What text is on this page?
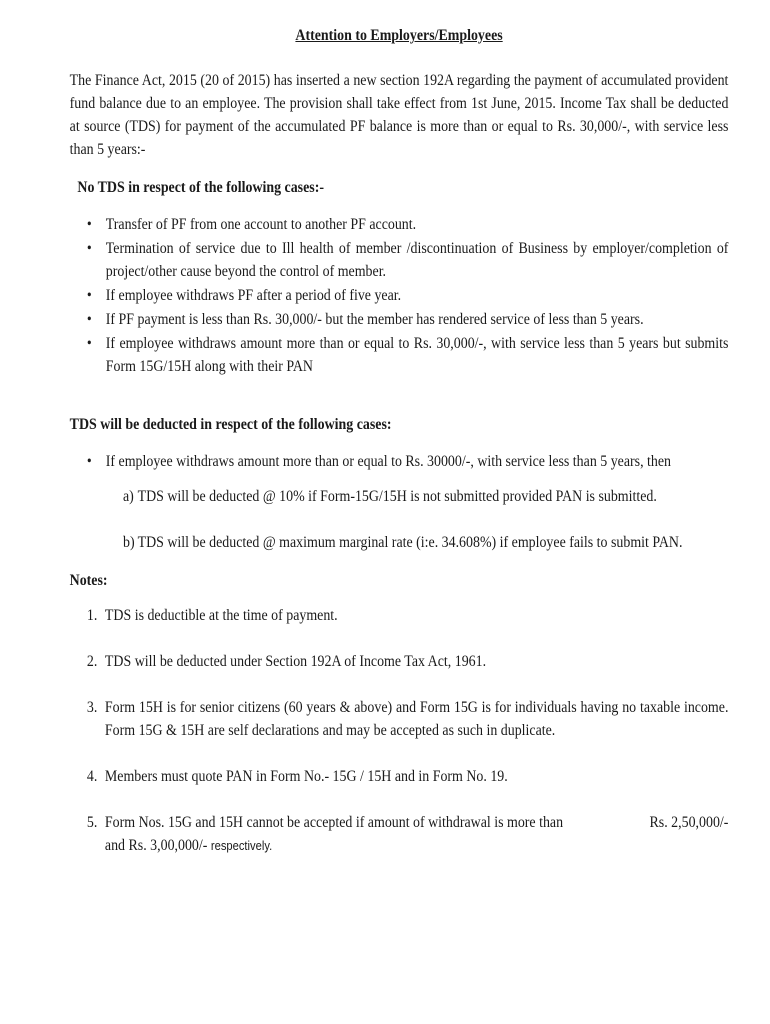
Attention to Employers/Employees

The Finance Act, 2015 (20 of 2015) has inserted a new section 192A regarding the payment of accumulated provident fund balance due to an employee. The provision shall take effect from 1st June, 2015. Income Tax shall be deducted at source (TDS) for payment of the accumulated PF balance is more than or equal to Rs. 30,000/-, with service less than 5 years:-

No TDS in respect of the following cases:-
• Transfer of PF from one account to another PF account.
• Termination of service due to Ill health of member /discontinuation of Business by employer/completion of project/other cause beyond the control of member.
• If employee withdraws PF after a period of five year.
• If PF payment is less than Rs. 30,000/- but the member has rendered service of less than 5 years.
• If employee withdraws amount more than or equal to Rs. 30,000/-, with service less than 5 years but submits Form 15G/15H along with their PAN
TDS will be deducted in respect of the following cases:
• If employee withdraws amount more than or equal to Rs. 30000/-, with service less than 5 years, then

a) TDS will be deducted @ 10% if Form-15G/15H is not submitted provided PAN is submitted.

b) TDS will be deducted @ maximum marginal rate (i:e. 34.608%) if employee fails to submit PAN.

Notes:
1. TDS is deductible at the time of payment.
2. TDS will be deducted under Section 192A of Income Tax Act, 1961.
3. Form 15H is for senior citizens (60 years & above) and Form 15G is for individuals having no taxable income. Form 15G & 15H are self declarations and may be accepted as such in duplicate.
4. Members must quote PAN in Form No.- 15G / 15H and in Form No. 19.
5. Form Nos. 15G and 15H cannot be accepted if amount of withdrawal is more than	Rs. 2,50,000/-
and Rs. 3,00,000/- respectively.
